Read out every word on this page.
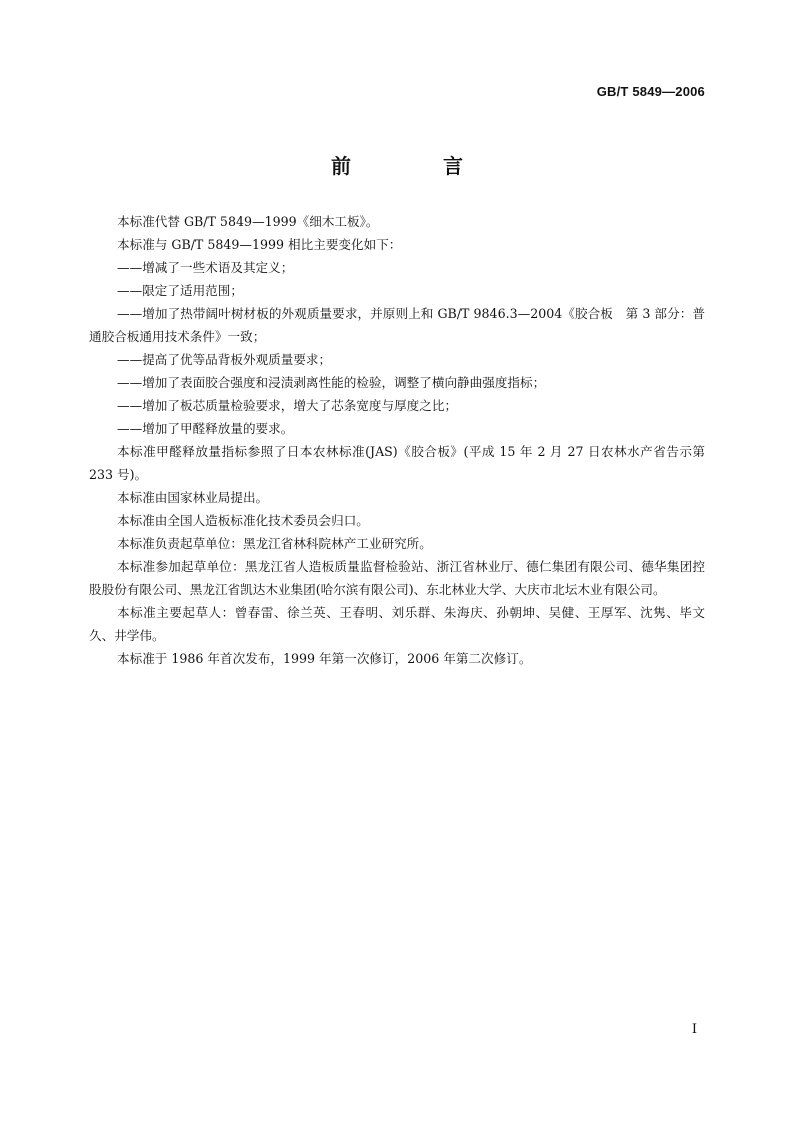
GB/T 5849—2006
前　言

本标准代替 GB/T 5849—1999《细木工板》。

本标准与 GB/T 5849—1999 相比主要变化如下：

——增减了一些术语及其定义；

——限定了适用范围；

——增加了热带阔叶树材板的外观质量要求，并原则上和 GB/T 9846.3—2004《胶合板　第 3 部分：普通胶合板通用技术条件》一致；

——提高了优等品背板外观质量要求；

——增加了表面胶合强度和浸渍剥离性能的检验，调整了横向静曲强度指标；

——增加了板芯质量检验要求，增大了芯条宽度与厚度之比；

——增加了甲醛释放量的要求。

本标准甲醛释放量指标参照了日本农林标准(JAS)《胶合板》(平成 15 年 2 月 27 日农林水产省告示第 233 号)。

本标准由国家林业局提出。

本标准由全国人造板标准化技术委员会归口。

本标准负责起草单位：黑龙江省林科院林产工业研究所。

本标准参加起草单位：黑龙江省人造板质量监督检验站、浙江省林业厅、德仁集团有限公司、德华集团控股股份有限公司、黑龙江省凯达木业集团(哈尔滨有限公司)、东北林业大学、大庆市北坛木业有限公司。

本标准主要起草人：曾春雷、徐兰英、王春明、刘乐群、朱海庆、孙朝坤、吴健、王厚军、沈隽、毕文久、井学伟。

本标准于 1986 年首次发布，1999 年第一次修订，2006 年第二次修订。

I
